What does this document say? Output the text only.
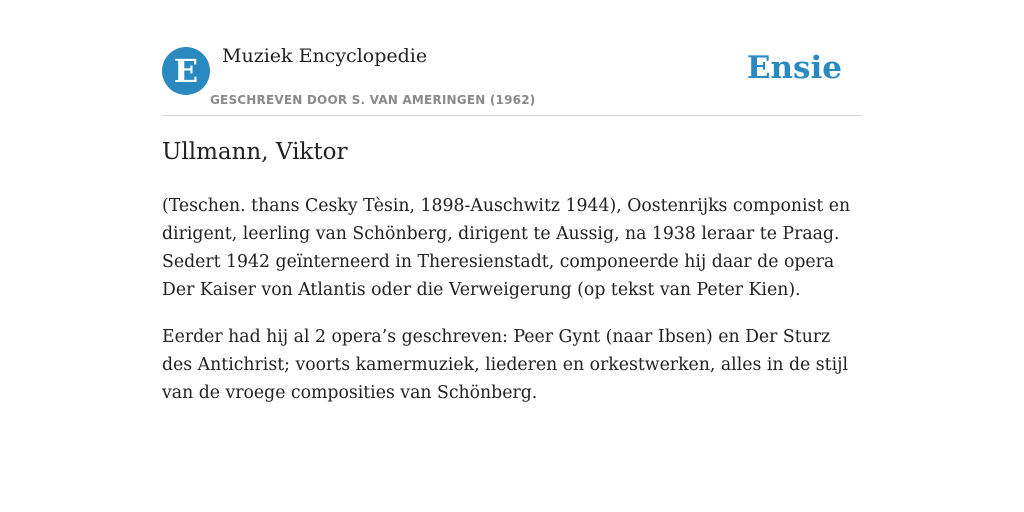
E	Muziek Encyclopedie
GESCHREVEN DOOR S. VAN AMERINGEN (1962)
Ensie
Ullmann, Viktor

(Teschen. thans Cesky Tèsin, 1898-Auschwitz 1944), Oostenrijks componist en dirigent, leerling van Schönberg, dirigent te Aussig, na 1938 leraar te Praag. Sedert 1942 geïnterneerd in Theresienstadt, componeerde hij daar de opera Der Kaiser von Atlantis oder die Verweigerung (op tekst van Peter Kien).

Eerder had hij al 2 opera’s geschreven: Peer Gynt (naar Ibsen) en Der Sturz des Antichrist; voorts kamermuziek, liederen en orkestwerken, alles in de stijl van de vroege composities van Schönberg.
